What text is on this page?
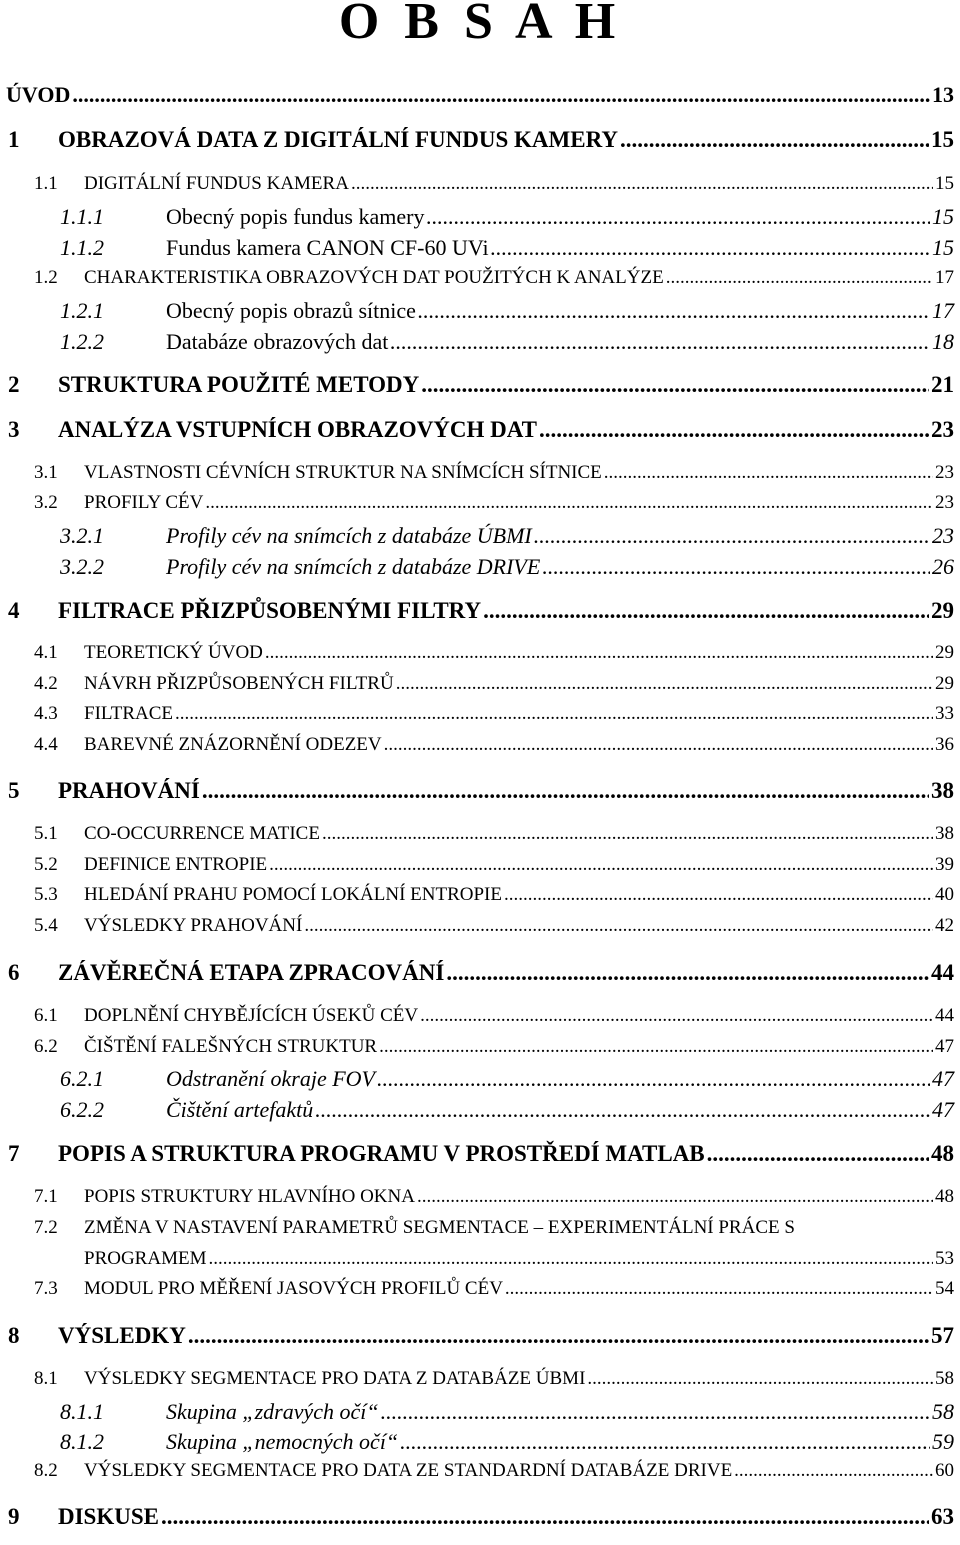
O B S A H
ÚVOD .....	13
1 OBRAZOVÁ DATA Z DIGITÁLNÍ FUNDUS KAMERY .....	15
1.1 DIGITÁLNÍ FUNDUS KAMERA .....	15
1.1.1	Obecný popis fundus kamery .....	15
1.1.2	Fundus kamera CANON CF-60 UVi .....	15
1.2 CHARAKTERISTIKA OBRAZOVÝCH DAT POUŽITÝCH K ANALÝZE .....	17
1.2.1	Obecný popis obrazů sítnice .....	17
1.2.2	Databáze obrazových dat .....	18
2 STRUKTURA POUŽITÉ METODY .....	21
3 ANALÝZA VSTUPNÍCH OBRAZOVÝCH DAT .....	23
3.1 VLASTNOSTI CÉVNÍCH STRUKTUR NA SNÍMCÍCH SÍTNICE .....	23
3.2 PROFILY CÉV .....	23
3.2.1	Profily cév na snímcích z databáze ÚBMI .....	23
3.2.2	Profily cév na snímcích z databáze DRIVE .....	26
4 FILTRACE PŘIZPŮSOBENÝMI FILTRY .....	29
4.1 TEORETICKÝ ÚVOD .....	29
4.2 NÁVRH PŘIZPŮSOBENÝCH FILTRŮ .....	29
4.3 FILTRACE .....	33
4.4 BAREVNÉ ZNÁZORNĚNÍ ODEZEV .....	36
5 PRAHOVÁNÍ .....	38
5.1 CO-OCCURRENCE MATICE .....	38
5.2 DEFINICE ENTROPIE .....	39
5.3 HLEDÁNÍ PRAHU POMOCÍ LOKÁLNÍ ENTROPIE .....	40
5.4 VÝSLEDKY PRAHOVÁNÍ .....	42
6 ZÁVĚREČNÁ ETAPA ZPRACOVÁNÍ .....	44
6.1 DOPLNĚNÍ CHYBĚJÍCÍCH ÚSEKŮ CÉV .....	44
6.2 ČIŠTĚNÍ FALEŠNÝCH STRUKTUR .....	47
6.2.1	Odstranění okraje FOV .....	47
6.2.2	Čištění artefaktů .....	47
7 POPIS A STRUKTURA PROGRAMU V PROSTŘEDÍ MATLAB .....	48
7.1 POPIS STRUKTURY HLAVNÍHO OKNA .....	48
7.2 ZMĚNA V NASTAVENÍ PARAMETRŮ SEGMENTACE – EXPERIMENTÁLNÍ PRÁCE S
PROGRAMEM .....	53
7.3 MODUL PRO MĚŘENÍ JASOVÝCH PROFILŮ CÉV .....	54
8 VÝSLEDKY .....	57
8.1 VÝSLEDKY SEGMENTACE PRO DATA Z DATABÁZE ÚBMI .....	58
8.1.1	Skupina „zdravých očí“ .....	58
8.1.2	Skupina „nemocných očí“ .....	59
8.2 VÝSLEDKY SEGMENTACE PRO DATA ZE STANDARDNÍ DATABÁZE DRIVE .....	60
9 DISKUSE .....	63
